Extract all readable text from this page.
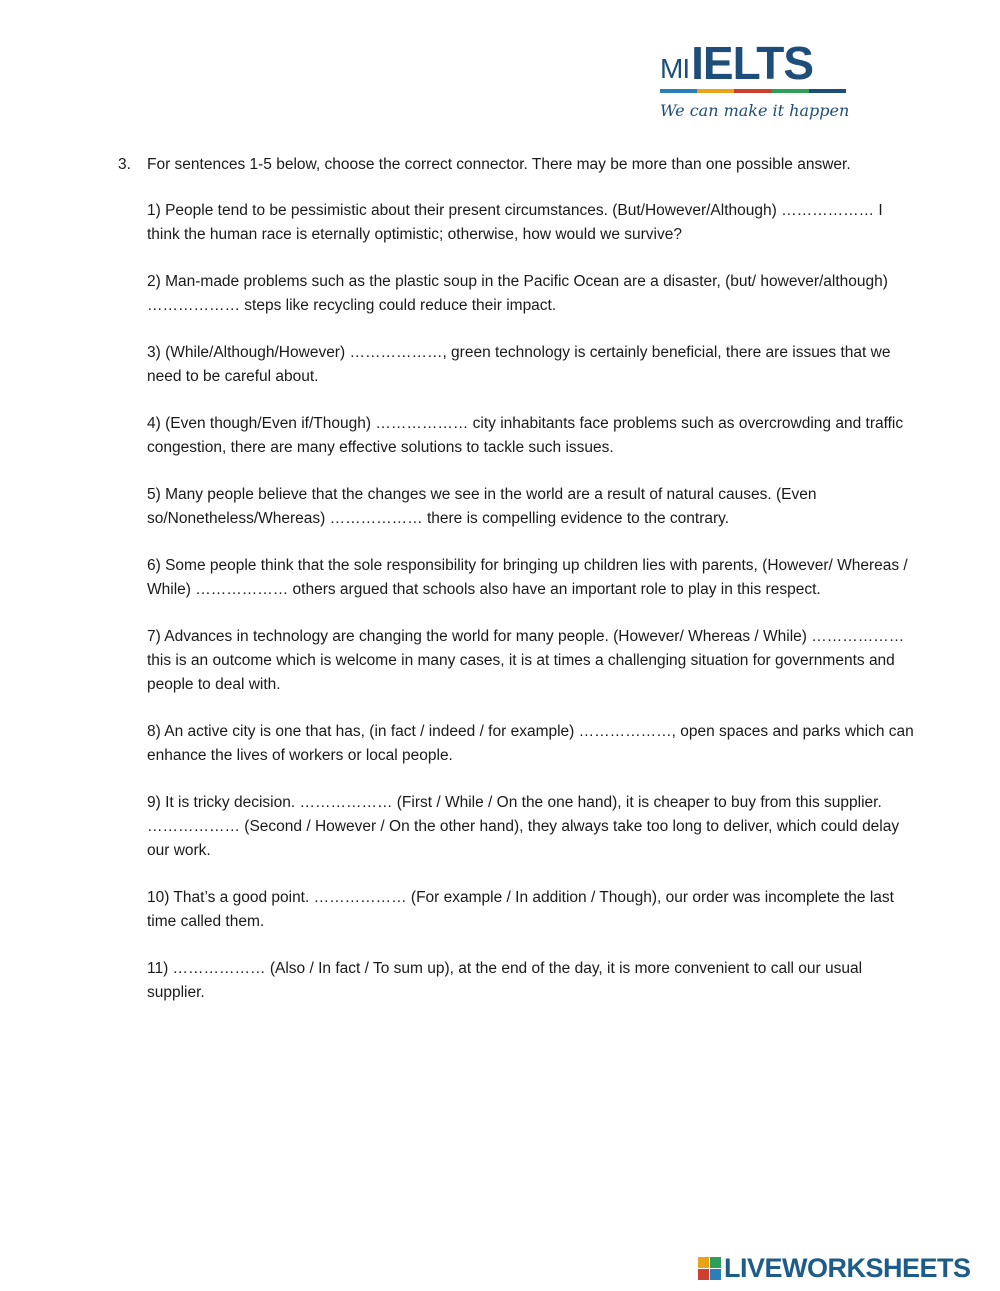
MI IELTS
We can make it happen
3.	For sentences 1-5 below, choose the correct connector. There may be more than one possible answer.

1) People tend to be pessimistic about their present circumstances. (But/However/Although) ……………… I think the human race is eternally optimistic; otherwise, how would we survive?

2) Man-made problems such as the plastic soup in the Pacific Ocean are a disaster, (but/ however/although) ……………… steps like recycling could reduce their impact.

3) (While/Although/However) ………………, green technology is certainly beneficial, there are issues that we need to be careful about.

4) (Even though/Even if/Though) ……………… city inhabitants face problems such as overcrowding and traffic congestion, there are many effective solutions to tackle such issues.

5) Many people believe that the changes we see in the world are a result of natural causes. (Even so/Nonetheless/Whereas) ……………… there is compelling evidence to the contrary.

6) Some people think that the sole responsibility for bringing up children lies with parents, (However/ Whereas / While) ……………… others argued that schools also have an important role to play in this respect.

7) Advances in technology are changing the world for many people. (However/ Whereas / While) ……………… this is an outcome which is welcome in many cases, it is at times a challenging situation for governments and people to deal with.

8) An active city is one that has, (in fact / indeed / for example) ………………, open spaces and parks which can enhance the lives of workers or local people.

9) It is tricky decision. ……………… (First / While / On the one hand), it is cheaper to buy from this supplier. ……………… (Second / However / On the other hand), they always take too long to deliver, which could delay our work.

10) That’s a good point. ……………… (For example / In addition / Though), our order was incomplete the last time called them.

11) ……………… (Also / In fact / To sum up), at the end of the day, it is more convenient to call our usual supplier.

LIVEWORKSHEETS
